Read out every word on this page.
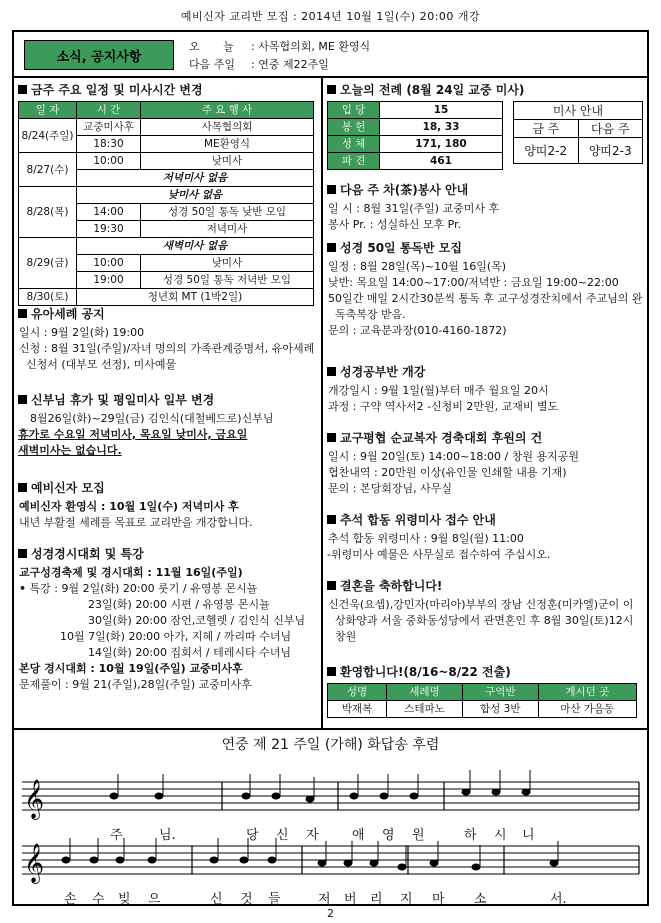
예비신자 교리반 모집 : 2014년 10월 1일(수) 20:00 개강
소식, 공지사항
오 늘 : 사목협의회, ME 환영식
다음 주일 : 연중 제22주일
금주 주요 일정 및 미사시간 변경
일 자	시 간	주 요 행 사
8/24(주일)	교중미사후	사목협의회
	18:30	ME환영식
8/27(수)	10:00	낮미사
	저녁미사 없음	
8/28(목)	낮미사 없음	
	14:00	성경 50일 통독 낮반 모임
	19:30	저녁미사
8/29(금)	새벽미사 없음	
	10:00	낮미사
	19:00	성경 50일 통독 저녁반 모임
8/30(토)	청년회 MT (1박2일)	
유아세례 공지
일시 : 9월 2일(화) 19:00
신청 : 8월 31일(주일)/자녀 명의의 가족관계증명서, 유아세례 신청서 (대부모 선정), 미사예물
신부님 휴가 및 평일미사 일부 변경
8월26일(화)~29일(금) 김인식(대철베드로)신부님
휴가로 수요일 저녁미사, 목요일 낮미사, 금요일
새벽미사는 없습니다.
예비신자 모집
예비신자 환영식 : 10월 1일(수) 저녁미사 후
내년 부활절 세례를 목표로 교리반을 개강합니다.
성경경시대회 및 특강
교구성경축제 및 경시대회 : 11월 16일(주일)
• 특강 : 9월 2일(화) 20:00 룻기 / 유영봉 몬시뇰
23일(화) 20:00 시편 / 유영봉 몬시뇰
30일(화) 20:00 잠언,코헬렛 / 김인식 신부님
10월 7일(화) 20:00 아가, 지혜 / 까리따 수녀님
14일(화) 20:00 집회서 / 테레시타 수녀님
본당 경시대회 : 10월 19일(주일) 교중미사후
문제풀이 : 9월 21(주일),28일(주일) 교중미사후
오늘의 전례 (8월 24일 교중 미사)
입 당	15
봉 헌	18, 33
성 체	171, 180
파 견	461
미사 안내	
금 주	다음 주
양띠2-2	양띠2-3
다음 주 차(茶)봉사 안내
일 시 : 8월 31일(주일) 교중미사 후
봉사 Pr. : 성실하신 모후 Pr.
성경 50일 통독반 모집
일정 : 8월 28일(목)~10월 16일(목)
낮반: 목요일 14:00~17:00/저녁반 : 금요일 19:00~22:00
50일간 매일 2시간30분씩 통독 후 교구성경잔치에서 주교님의 완독축복장 받음.
문의 : 교육분과장(010-4160-1872)
성경공부반 개강
개강일시 : 9월 1일(월)부터 매주 월요일 20시
과정 : 구약 역사서2 -신청비 2만원, 교재비 별도
교구평협 순교복자 경축대회 후원의 건
일시 : 9월 20일(토) 14:00~18:00 / 창원 용지공원
협찬내역 : 20만원 이상(유인물 인쇄할 내용 기재)
문의 : 본당회장님, 사무실
추석 합동 위령미사 접수 안내
추석 합동 위령미사 : 9월 8일(월) 11:00
-위령미사 예물은 사무실로 접수하여 주십시오.
결혼을 축하합니다!
신건욱(요셉),강민자(마리아)부부의 장남 신정훈(미카엘)군이 이상화양과 서울 중화동성당에서 관면혼인 후 8월 30일(토)12시 창원
환영합니다!(8/16~8/22 전출)
성명	세례명	구역반	계시던 곳
박재복	스테파노	합성 3반	마산 가음동
연중 제 21 주일 (가해) 화답송 후렴
𝄞
𝄞
주	님.	당 신 자	애 영 원	하 시 니
손 수 빚 으	신 것 들	저 버 리 지 마 소	서.
2
